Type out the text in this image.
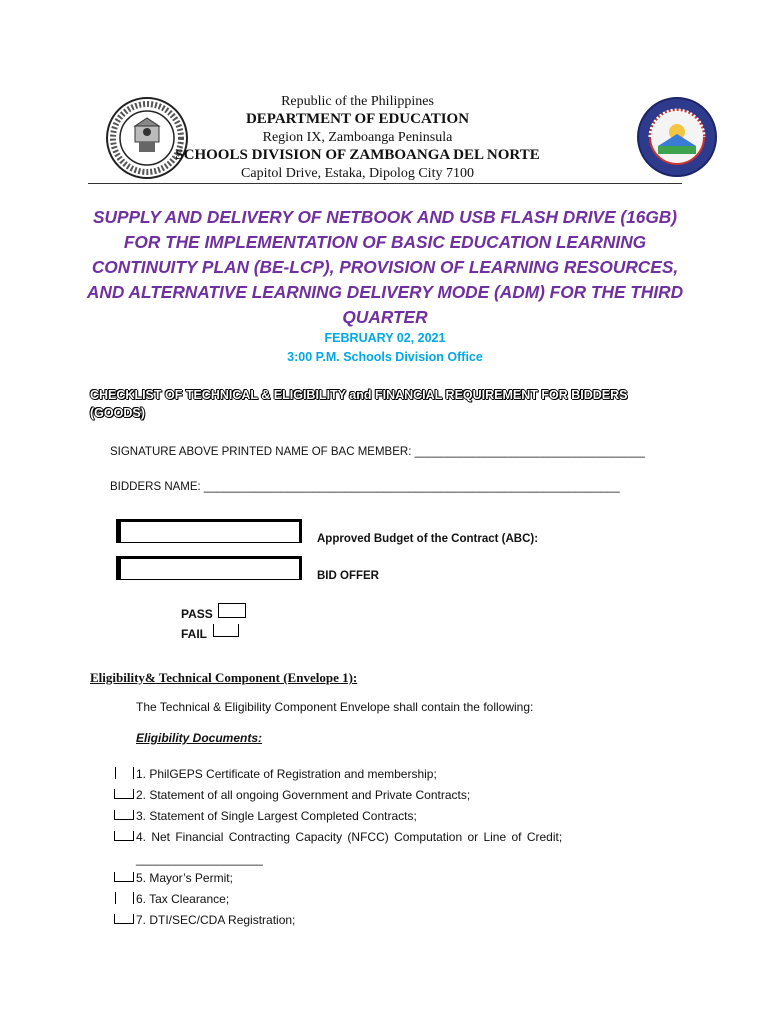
Republic of the Philippines
DEPARTMENT OF EDUCATION
Region IX, Zamboanga Peninsula
SCHOOLS DIVISION OF ZAMBOANGA DEL NORTE
Capitol Drive, Estaka, Dipolog City 7100
SUPPLY AND DELIVERY OF NETBOOK AND USB FLASH DRIVE (16GB)
FOR THE IMPLEMENTATION OF BASIC EDUCATION LEARNING
CONTINUITY PLAN (BE-LCP), PROVISION OF LEARNING RESOURCES,
AND ALTERNATIVE LEARNING DELIVERY MODE (ADM) FOR THE THIRD
QUARTER
FEBRUARY 02, 2021
3:00 P.M. Schools Division Office
CHECKLIST OF TECHNICAL & ELIGIBILITY and FINANCIAL REQUIREMENT FOR BIDDERS (GOODS)
SIGNATURE ABOVE PRINTED NAME OF BAC MEMBER: ____________________________________
BIDDERS NAME: _________________________________________________________________
Approved Budget of the Contract (ABC):
BID OFFER
PASS
FAIL
Eligibility& Technical Component (Envelope 1):
The Technical & Eligibility Component Envelope shall contain the following:
Eligibility Documents:
1. PhilGEPS Certificate of Registration and membership;
2. Statement of all ongoing Government and Private Contracts;
3. Statement of Single Largest Completed Contracts;
4. Net Financial Contracting Capacity (NFCC) Computation or Line of Credit;
___________________
5. Mayor’s Permit;
6. Tax Clearance;
7. DTI/SEC/CDA Registration;
